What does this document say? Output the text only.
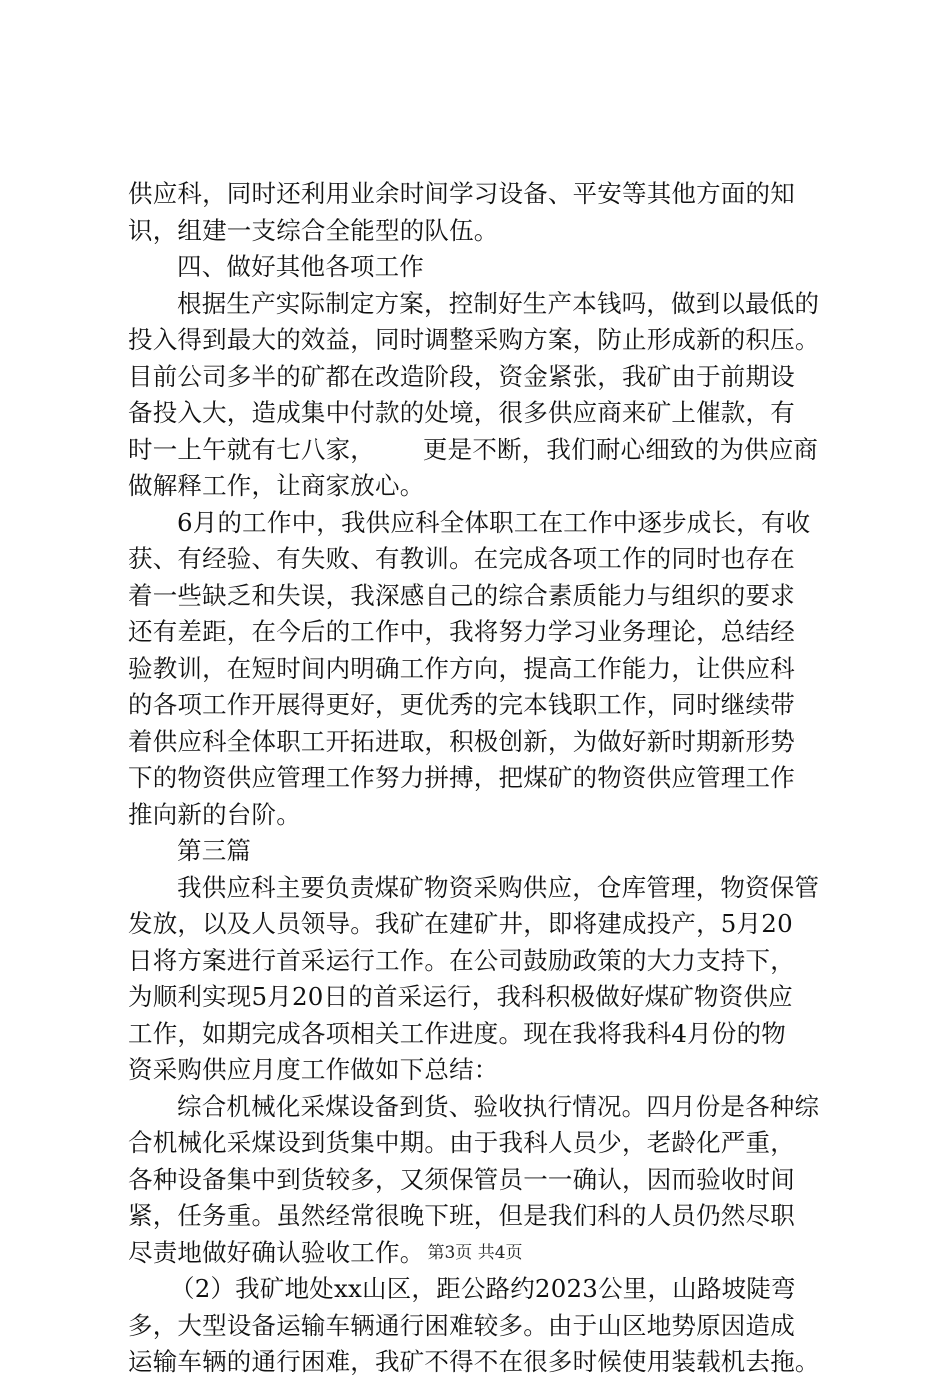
供应科，同时还利用业余时间学习设备、平安等其他方面的知
识，组建一支综合全能型的队伍。
四、做好其他各项工作
根据生产实际制定方案，控制好生产本钱吗，做到以最低的
投入得到最大的效益，同时调整采购方案，防止形成新的积压。
目前公司多半的矿都在改造阶段，资金紧张，我矿由于前期设
备投入大，造成集中付款的处境，很多供应商来矿上催款，有
时一上午就有七八家，      更是不断，我们耐心细致的为供应商
做解释工作，让商家放心。
6月的工作中，我供应科全体职工在工作中逐步成长，有收
获、有经验、有失败、有教训。在完成各项工作的同时也存在
着一些缺乏和失误，我深感自己的综合素质能力与组织的要求
还有差距，在今后的工作中，我将努力学习业务理论，总结经
验教训，在短时间内明确工作方向，提高工作能力，让供应科
的各项工作开展得更好，更优秀的完本钱职工作，同时继续带
着供应科全体职工开拓进取，积极创新，为做好新时期新形势
下的物资供应管理工作努力拼搏，把煤矿的物资供应管理工作
推向新的台阶。
第三篇
我供应科主要负责煤矿物资采购供应，仓库管理，物资保管
发放，以及人员领导。我矿在建矿井，即将建成投产，5月20
日将方案进行首采运行工作。在公司鼓励政策的大力支持下，
为顺利实现5月20日的首采运行，我科积极做好煤矿物资供应
工作，如期完成各项相关工作进度。现在我将我科4月份的物
资采购供应月度工作做如下总结：
综合机械化采煤设备到货、验收执行情况。四月份是各种综
合机械化采煤设到货集中期。由于我科人员少，老龄化严重，
各种设备集中到货较多，又须保管员一一确认，因而验收时间
紧，任务重。虽然经常很晚下班，但是我们科的人员仍然尽职
尽责地做好确认验收工作。
（2）我矿地处xx山区，距公路约2023公里，山路坡陡弯
多，大型设备运输车辆通行困难较多。由于山区地势原因造成
运输车辆的通行困难，我矿不得不在很多时候使用装载机去拖。
第3页 共4页
